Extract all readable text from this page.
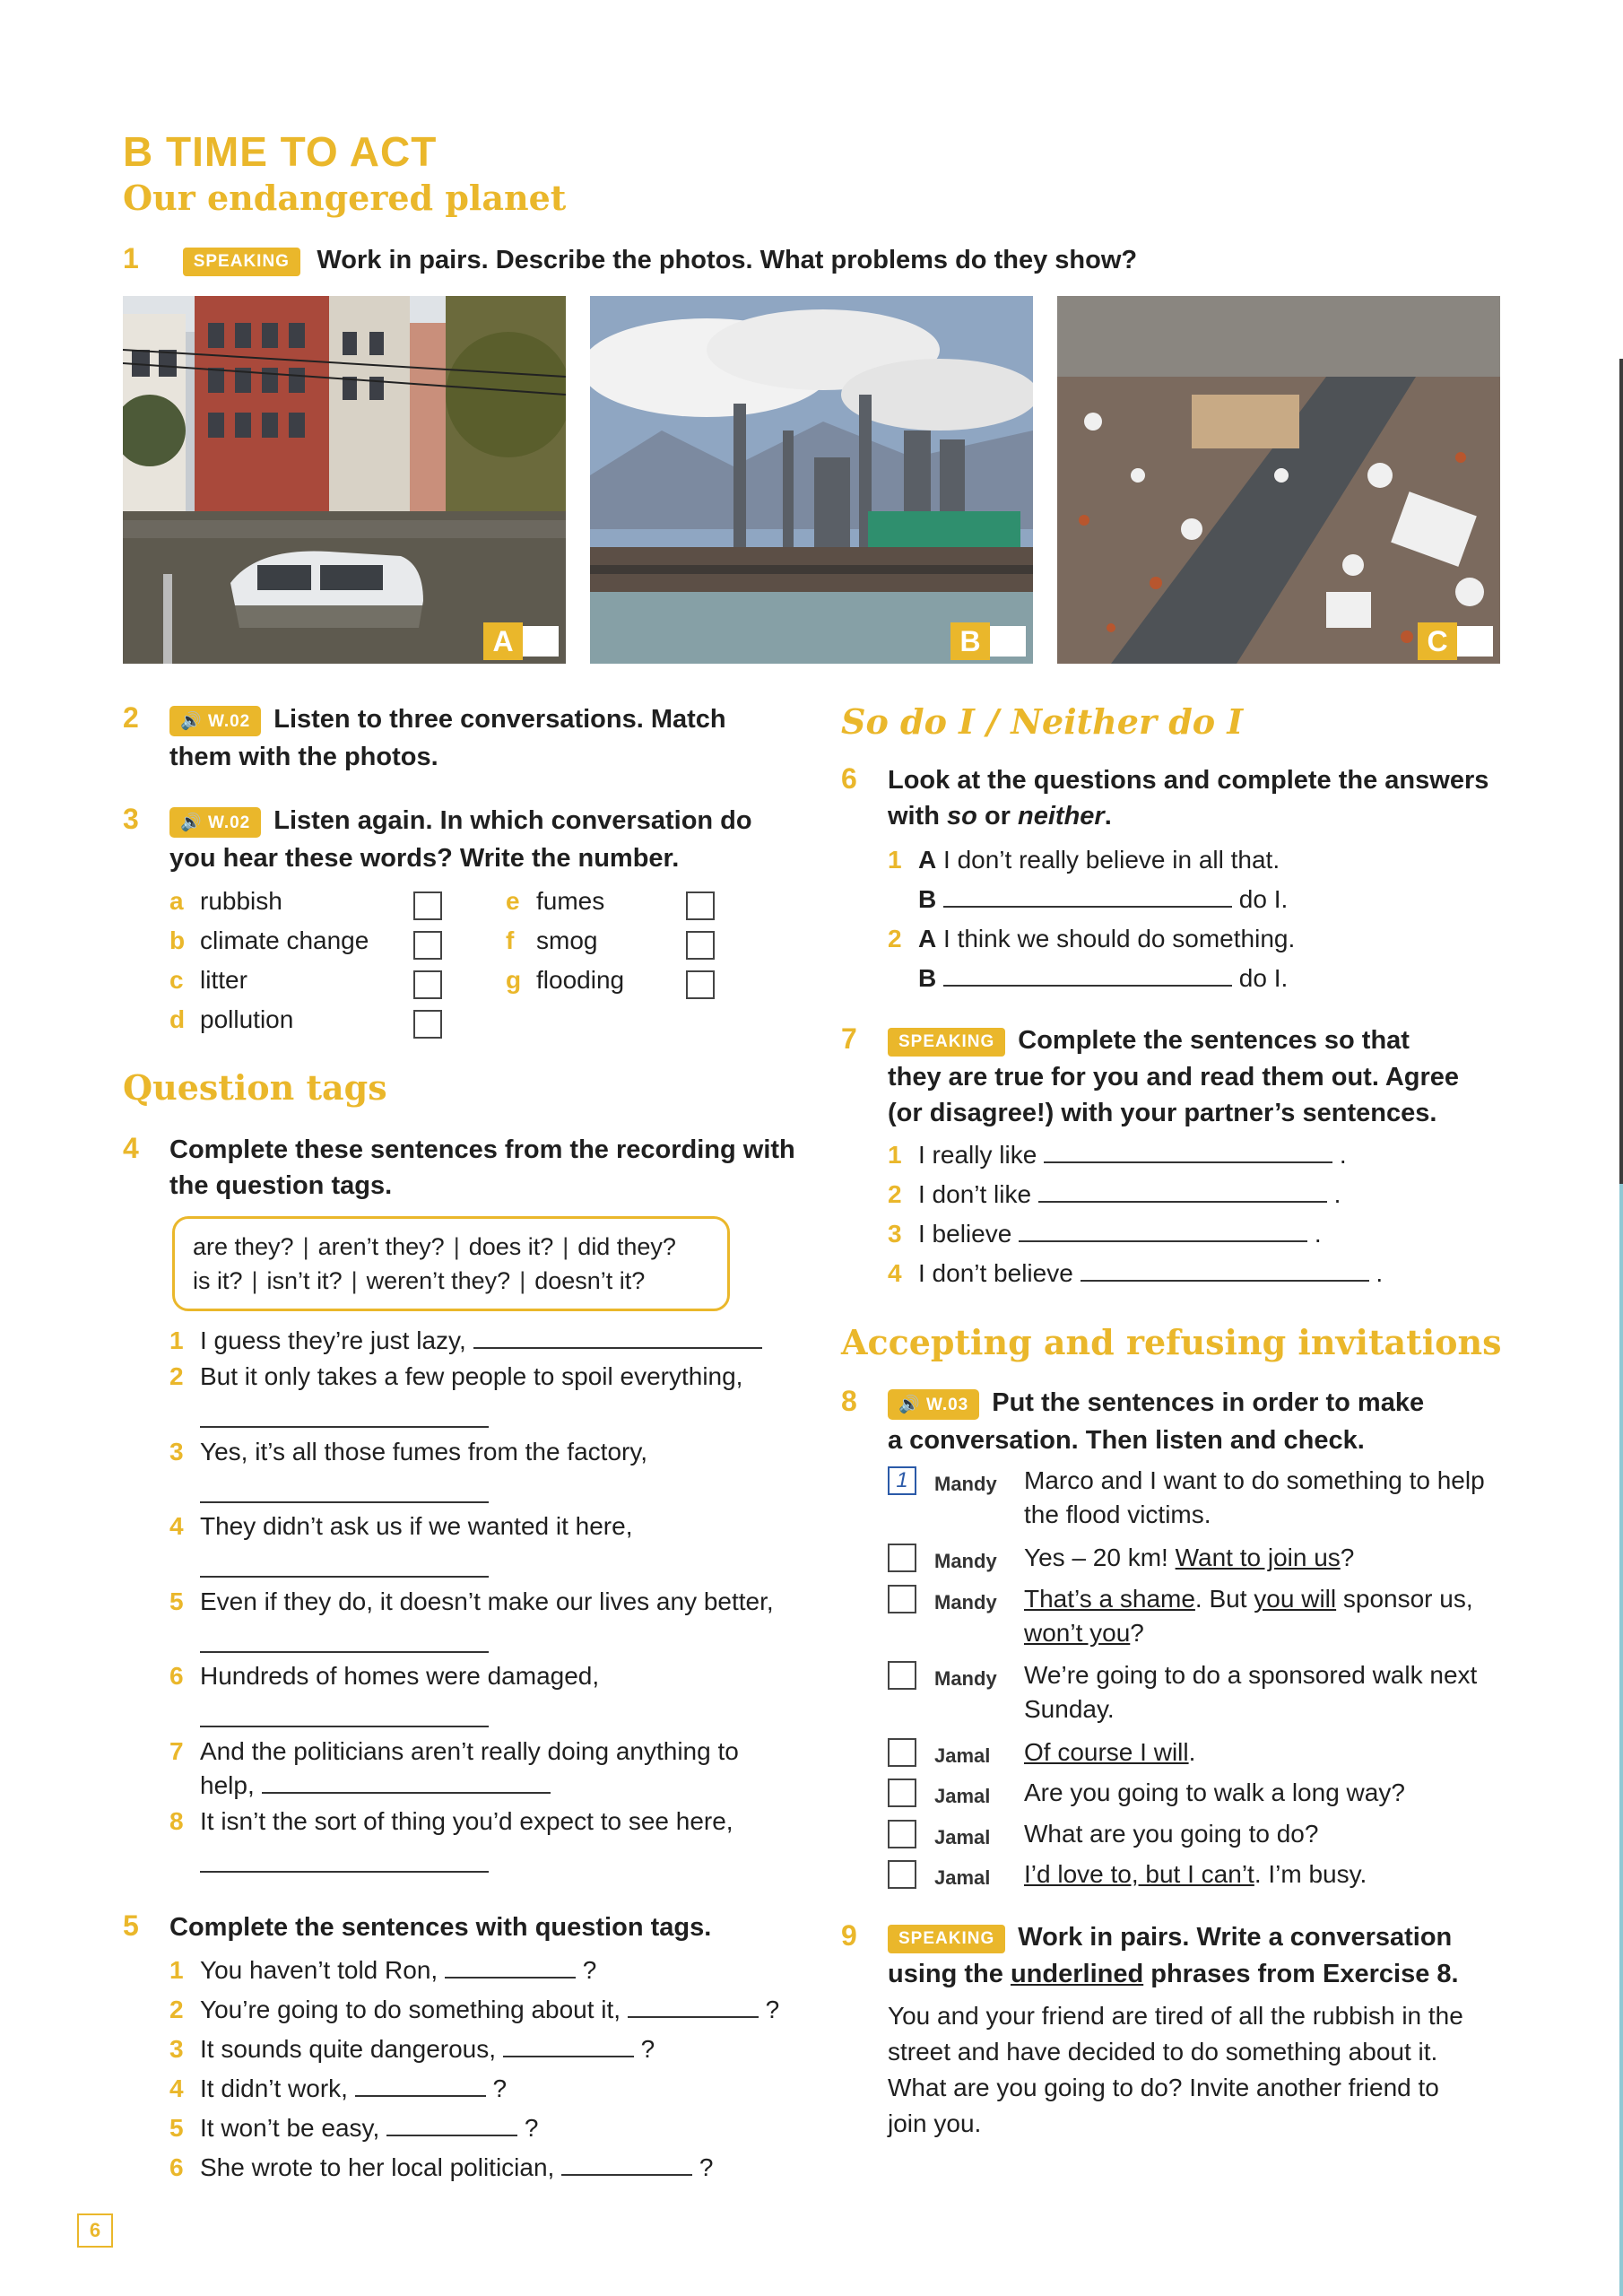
B TIME TO ACT
Our endangered planet
1	SPEAKING Work in pairs. Describe the photos. What problems do they show?
A	B	C
2 🔊 W.02 Listen to three conversations. Match
them with the photos.
3 🔊 W.02 Listen again. In which conversation do
you hear these words? Write the number.
a rubbish
b climate change
c litter
d pollution
e fumes
f smog
g flooding
Question tags
4 Complete these sentences from the recording with
the question tags.
are they? | aren’t they? | does it? | did they?
is it? | isn’t it? | weren’t they? | doesn’t it?
1 I guess they’re just lazy,
2 But it only takes a few people to spoil everything,
3 Yes, it’s all those fumes from the factory,
4 They didn’t ask us if we wanted it here,
5 Even if they do, it doesn’t make our lives any better,
6 Hundreds of homes were damaged,
7 And the politicians aren’t really doing anything to
help,
8 It isn’t the sort of thing you’d expect to see here,
5 Complete the sentences with question tags.
1 You haven’t told Ron,	?
2 You’re going to do something about it,	?
3 It sounds quite dangerous,	?
4 It didn’t work,	?
5 It won’t be easy,	?
6 She wrote to her local politician,	?
So do I / Neither do I
6 Look at the questions and complete the answers
with so or neither.
1 A I don’t really believe in all that.
B	do I.
2 A I think we should do something.
B	do I.
7 SPEAKING Complete the sentences so that
they are true for you and read them out. Agree
(or disagree!) with your partner’s sentences.
1 I really like	.
2 I don’t like	.
3 I believe	.
4 I don’t believe	.
Accepting and refusing invitations
8 🔊 W.03 Put the sentences in order to make
a conversation. Then listen and check.
1 Mandy Marco and I want to do something to help
the flood victims.
Mandy Yes – 20 km! Want to join us?
Mandy That’s a shame. But you will sponsor us,
won’t you?
Mandy We’re going to do a sponsored walk next
Sunday.
Jamal Of course I will.
Jamal Are you going to walk a long way?
Jamal What are you going to do?
Jamal I’d love to, but I can’t. I’m busy.
9 SPEAKING Work in pairs. Write a conversation
using the underlined phrases from Exercise 8.
You and your friend are tired of all the rubbish in the
street and have decided to do something about it.
What are you going to do? Invite another friend to
join you.
6
